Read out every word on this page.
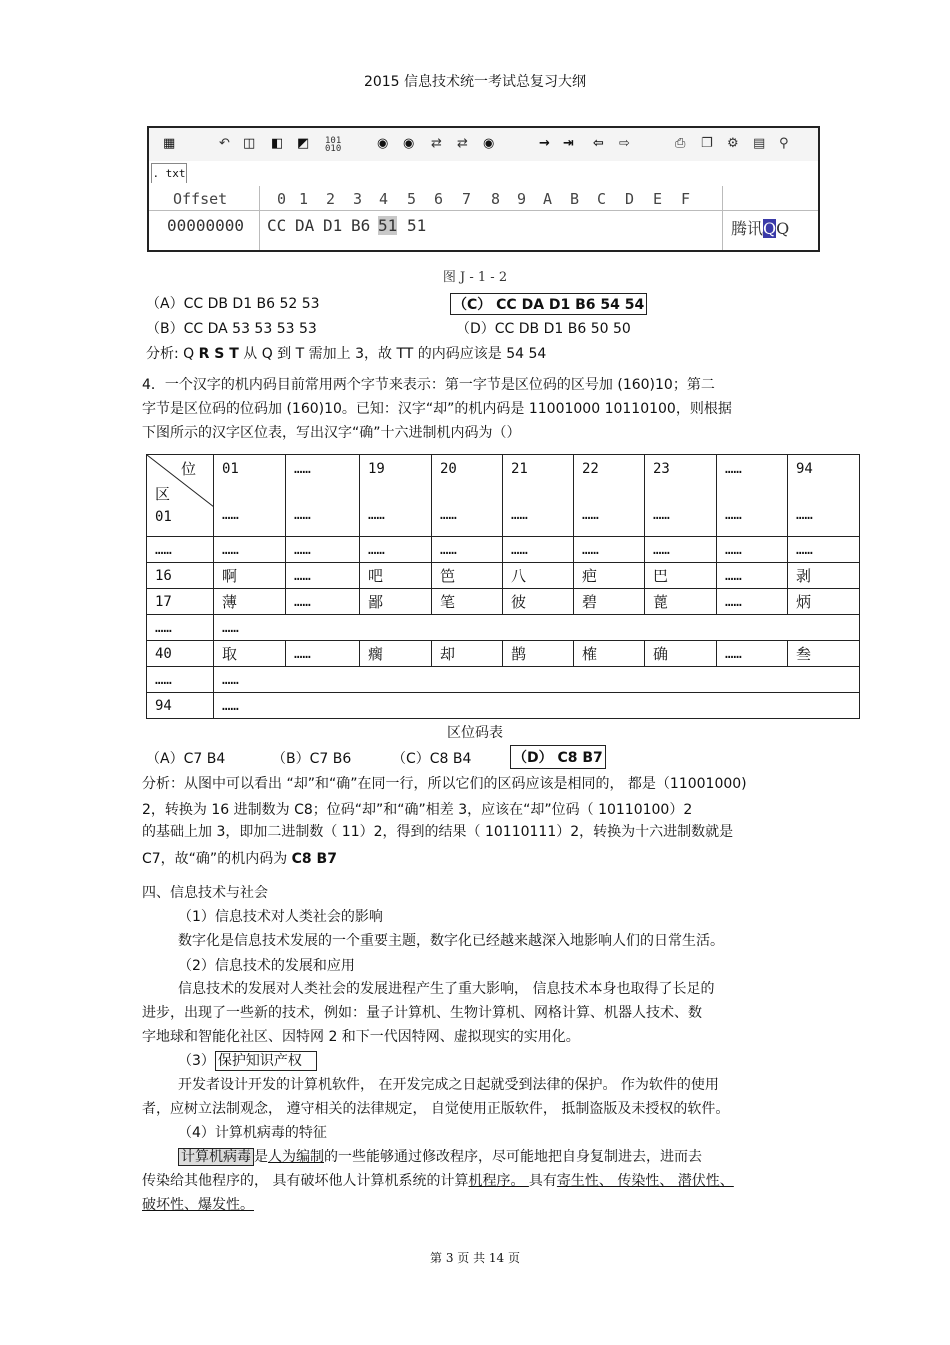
2015 信息技术统一考试总复习大纲
▦	↶ ◫ ◧ ◩ 101
010	◉ ◉ ⇄ ⇄ ◉	→ ⇥ ⇦ ⇨	⎙ ❐ ⚙ ▤ ⚲
. txt
Offset	0 1 2 3 4 5 6 7 8 9 A B C D E F
00000000 CC DA D1 B6 51 51	腾讯QQ
图 J - 1 - 2
（A）CC DB D1 B6 52 53	（C） CC DA D1 B6 54 54
（B）CC DA 53 53 53 53	（D）CC DB D1 B6 50 50
分析: Q R S T 从 Q 到 T 需加上 3，故 TT 的内码应该是 54 54
4．一个汉字的机内码目前常用两个字节来表示：第一字节是区位码的区号加 (160)10；第二
字节是区位码的位码加 (160)10。已知：汉字“却”的机内码是 11001000 10110100，则根据
下图所示的汉字区位表，写出汉字“确”十六进制机内码为（）
位
区
01	01
……	……
……	19
……	20
……	21
……	22
……	23
……	……
……	94
……

……	……	……	……	……	……	……	……	……	……
16	啊	……	吧	笆	八	疤	巴	……	剥
17	薄	……	鄙	笔	彼	碧	蓖	……	炳
……	……								
40	取	……	瘸	却	鹊	榷	确	……	叁
……	……								
94	……								
区位码表
（A）C7 B4	（B）C7 B6	（C）C8 B4	（D） C8 B7
分析：从图中可以看出 “却”和“确”在同一行，所以它们的区码应该是相同的， 都是（11001000)
2，转换为 16 进制数为 C8；位码“却”和“确”相差 3，应该在“却”位码（ 10110100）2
的基础上加 3，即加二进制数（ 11）2，得到的结果（ 10110111）2，转换为十六进制数就是
C7，故“确”的机内码为 C8 B7
四、信息技术与社会
（1）信息技术对人类社会的影响
数字化是信息技术发展的一个重要主题，数字化已经越来越深入地影响人们的日常生活。
（2）信息技术的发展和应用
信息技术的发展对人类社会的发展进程产生了重大影响， 信息技术本身也取得了长足的
进步，出现了一些新的技术，例如：量子计算机、生物计算机、网格计算、机器人技术、数
字地球和智能化社区、因特网 2 和下一代因特网、虚拟现实的实用化。
（3） 保护知识产权
开发者设计开发的计算机软件， 在开发完成之日起就受到法律的保护。 作为软件的使用
者，应树立法制观念， 遵守相关的法律规定， 自觉使用正版软件， 抵制盗版及未授权的软件。
（4）计算机病毒的特征
计算机病毒 是人为编制的一些能够通过修改程序，尽可能地把自身复制进去，进而去
传染给其他程序的， 具有破坏他人计算机系统的计算机程序。 具有寄生性、 传染性、 潜伏性、
破坏性、爆发性。
第 3 页 共 14 页
